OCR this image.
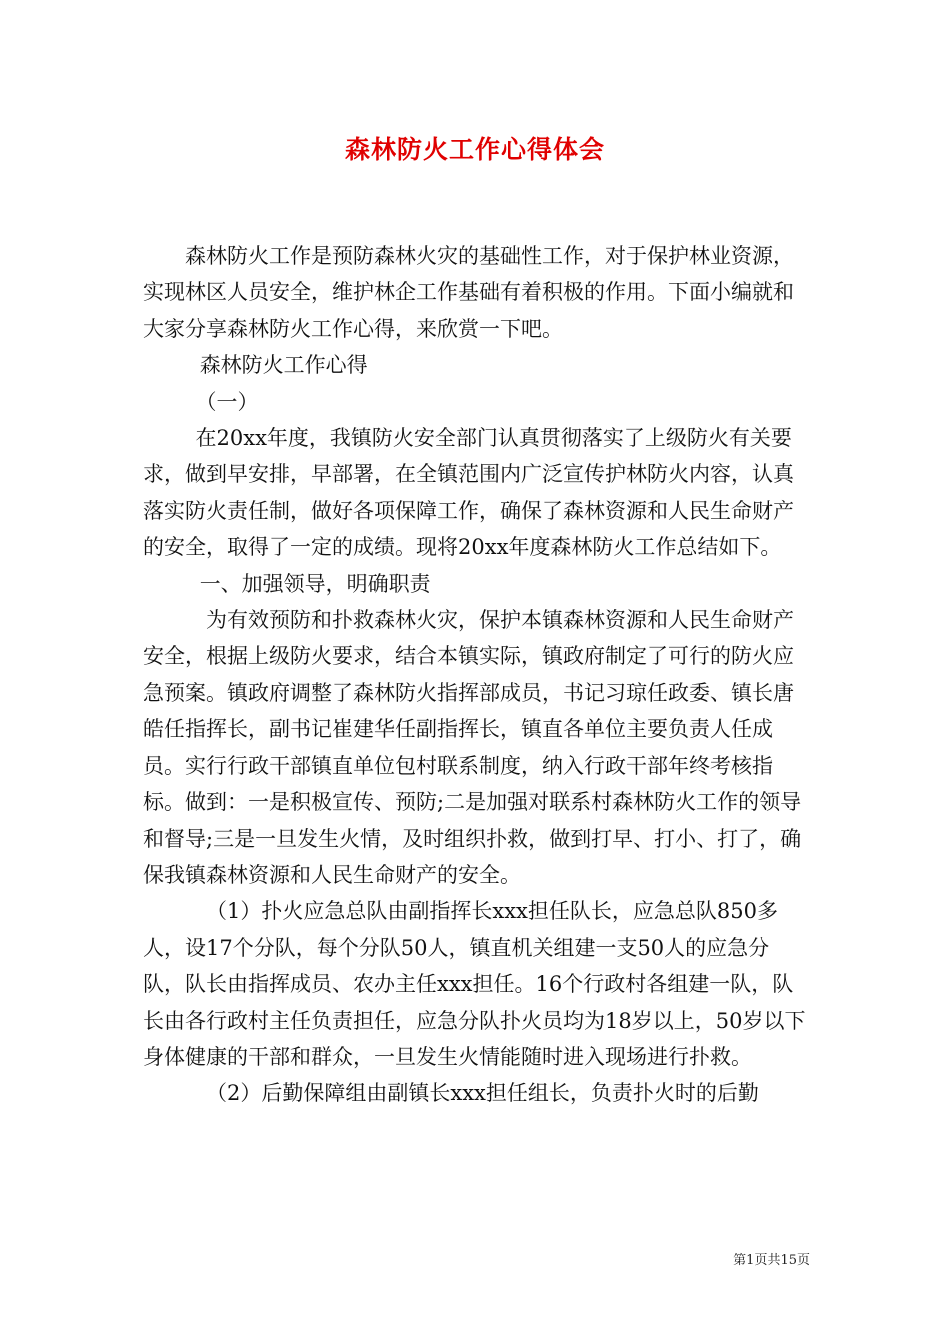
森林防火工作心得体会

森林防火工作是预防森林火灾的基础性工作，对于保护林业资源，实现林区人员安全，维护林企工作基础有着积极的作用。下面小编就和大家分享森林防火工作心得，来欣赏一下吧。

森林防火工作心得

（一）

在20xx年度，我镇防火安全部门认真贯彻落实了上级防火有关要求，做到早安排，早部署，在全镇范围内广泛宣传护林防火内容，认真落实防火责任制，做好各项保障工作，确保了森林资源和人民生命财产的安全，取得了一定的成绩。现将20xx年度森林防火工作总结如下。

一、加强领导，明确职责

为有效预防和扑救森林火灾，保护本镇森林资源和人民生命财产安全，根据上级防火要求，结合本镇实际，镇政府制定了可行的防火应急预案。镇政府调整了森林防火指挥部成员，书记习琼任政委、镇长唐皓任指挥长，副书记崔建华任副指挥长，镇直各单位主要负责人任成员。实行行政干部镇直单位包村联系制度，纳入行政干部年终考核指标。做到：一是积极宣传、预防;二是加强对联系村森林防火工作的领导和督导;三是一旦发生火情，及时组织扑救，做到打早、打小、打了，确保我镇森林资源和人民生命财产的安全。

（1）扑火应急总队由副指挥长xxx担任队长，应急总队850多人，设17个分队，每个分队50人，镇直机关组建一支50人的应急分队，队长由指挥成员、农办主任xxx担任。16个行政村各组建一队，队长由各行政村主任负责担任，应急分队扑火员均为18岁以上，50岁以下身体健康的干部和群众，一旦发生火情能随时进入现场进行扑救。

（2）后勤保障组由副镇长xxx担任组长，负责扑火时的后勤

第1页共15页
